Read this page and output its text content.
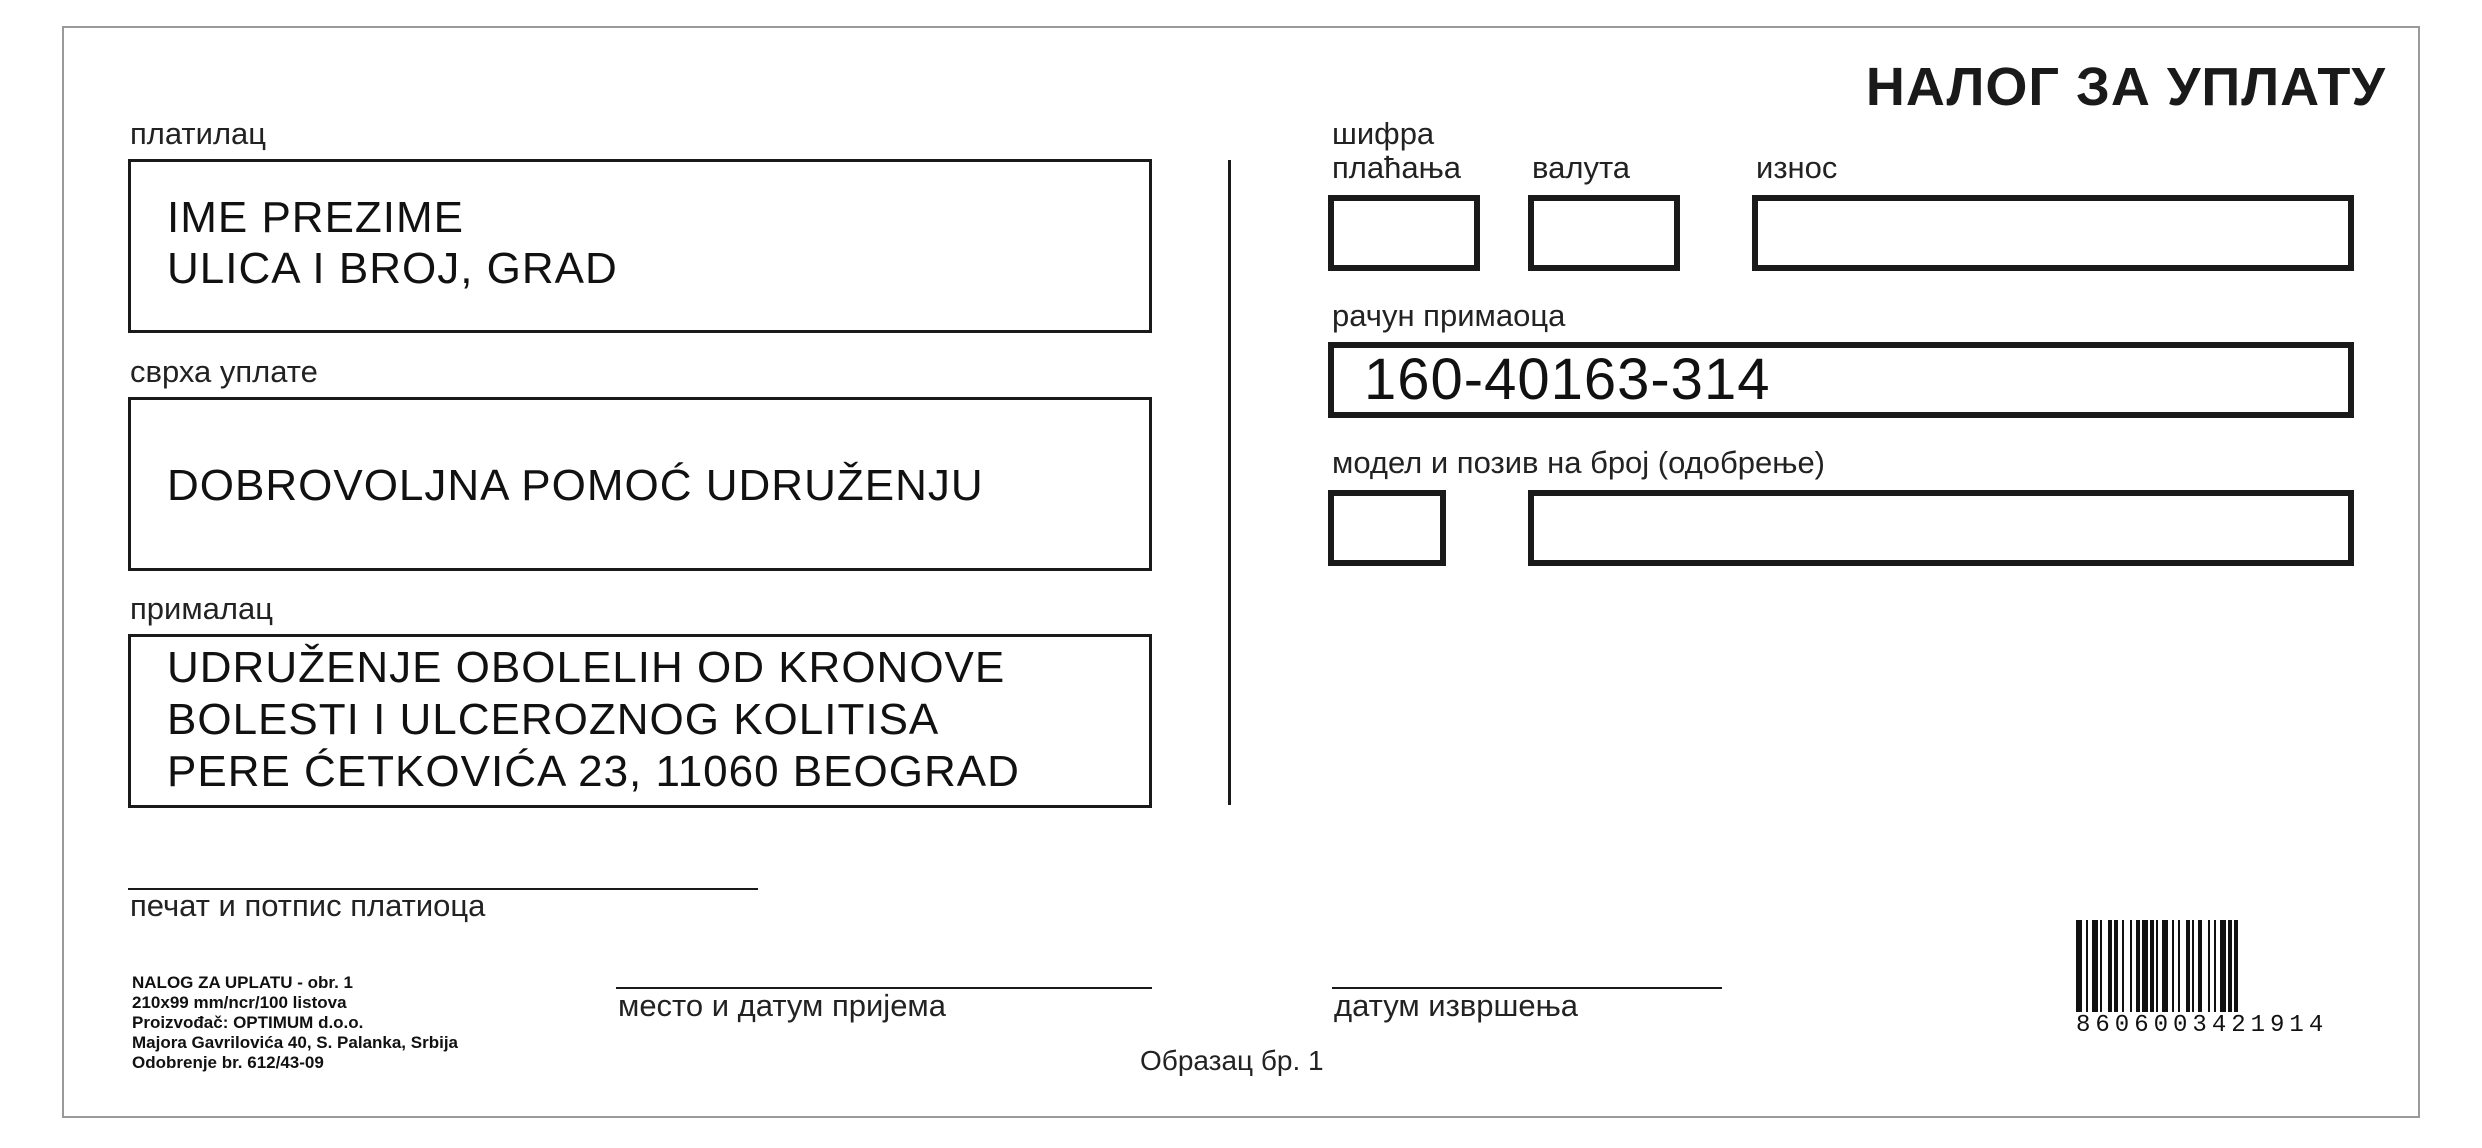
НАЛОГ ЗА УПЛАТУ
платилац
IME PREZIME
ULICA I BROJ, GRAD
сврха уплате
DOBROVOLJNA POMOĆ UDRUŽENJU
прималац
UDRUŽENJE OBOLELIH OD KRONOVE
BOLESTI I ULCEROZNOG KOLITISA
PERE ĆETKOVIĆA 23, 11060 BEOGRAD
шифра
плаћања валута	износ
рачун примаоца
160-40163-314
модел и позив на број (одобрење)
печат и потпис платиоца
место и датум пријема	датум извршења
Образац бр. 1
NALOG ZA UPLATU - obr. 1
210x99 mm/ncr/100 listova
Proizvođač: OPTIMUM d.o.o.
Majora Gavrilovića 40, S. Palanka, Srbija
Odobrenje br. 612/43-09
8606003421914
